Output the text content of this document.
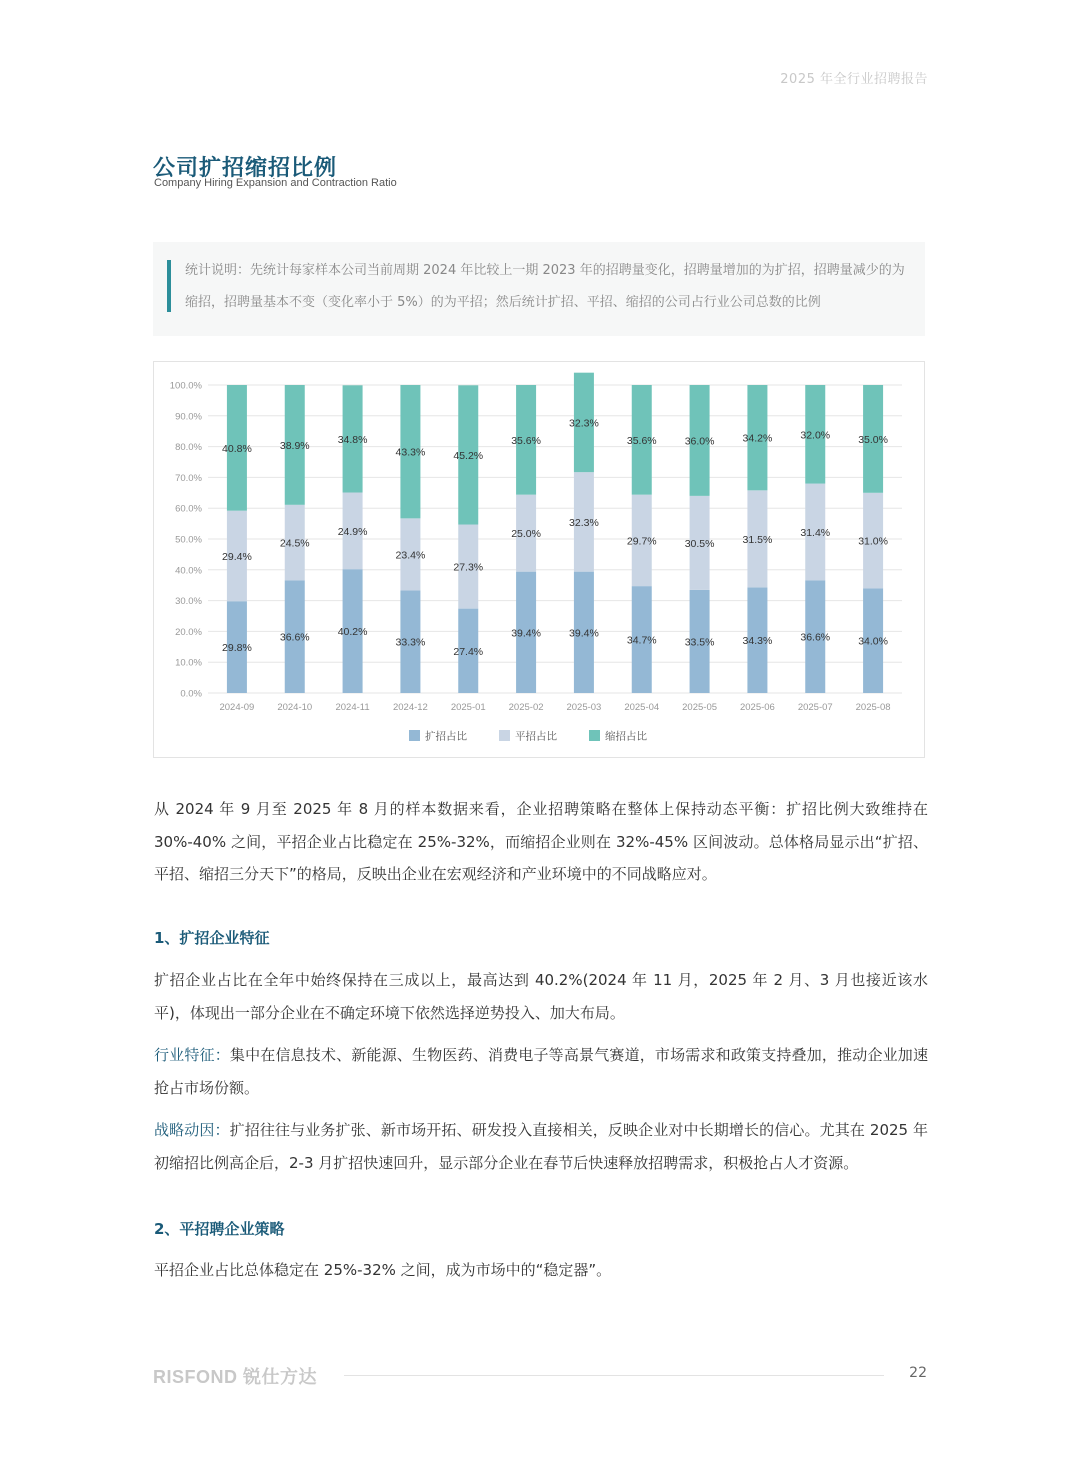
2025 年全行业招聘报告
公司扩招缩招比例
Company Hiring Expansion and Contraction Ratio
统计说明：先统计每家样本公司当前周期 2024 年比较上一期 2023 年的招聘量变化，招聘量增加的为扩招，招聘量减少的为缩招，招聘量基本不变（变化率小于 5%）的为平招；然后统计扩招、平招、缩招的公司占行业公司总数的比例
0.0%
10.0%
20.0%
30.0%
40.0%
50.0%
60.0%
70.0%
80.0%
90.0%
100.0%
29.8%
29.4%
40.8%
2024-09
36.6%
24.5%
38.9%
2024-10
40.2%
24.9%
34.8%
2024-11
33.3%
23.4%
43.3%
2024-12
27.4%
27.3%
45.2%
2025-01
39.4%
25.0%
35.6%
2025-02
39.4%
32.3%
32.3%
2025-03
34.7%
29.7%
35.6%
2025-04
33.5%
30.5%
36.0%
2025-05
34.3%
31.5%
34.2%
2025-06
36.6%
31.4%
32.0%
2025-07
34.0%
31.0%
35.0%
2025-08
扩招占比	平招占比	缩招占比
从 2024 年 9 月至 2025 年 8 月的样本数据来看，企业招聘策略在整体上保持动态平衡：扩招比例大致维持在 30%-40% 之间，平招企业占比稳定在 25%-32%，而缩招企业则在 32%-45% 区间波动。总体格局显示出“扩招、平招、缩招三分天下”的格局，反映出企业在宏观经济和产业环境中的不同战略应对。
1、扩招企业特征
扩招企业占比在全年中始终保持在三成以上，最高达到 40.2%(2024 年 11 月，2025 年 2 月、3 月也接近该水平)，体现出一部分企业在不确定环境下依然选择逆势投入、加大布局。
行业特征：集中在信息技术、新能源、生物医药、消费电子等高景气赛道，市场需求和政策支持叠加，推动企业加速抢占市场份额。
战略动因：扩招往往与业务扩张、新市场开拓、研发投入直接相关，反映企业对中长期增长的信心。尤其在 2025 年初缩招比例高企后，2-3 月扩招快速回升，显示部分企业在春节后快速释放招聘需求，积极抢占人才资源。
2、平招聘企业策略
平招企业占比总体稳定在 25%-32% 之间，成为市场中的“稳定器”。
RISFOND 锐仕方达	22
